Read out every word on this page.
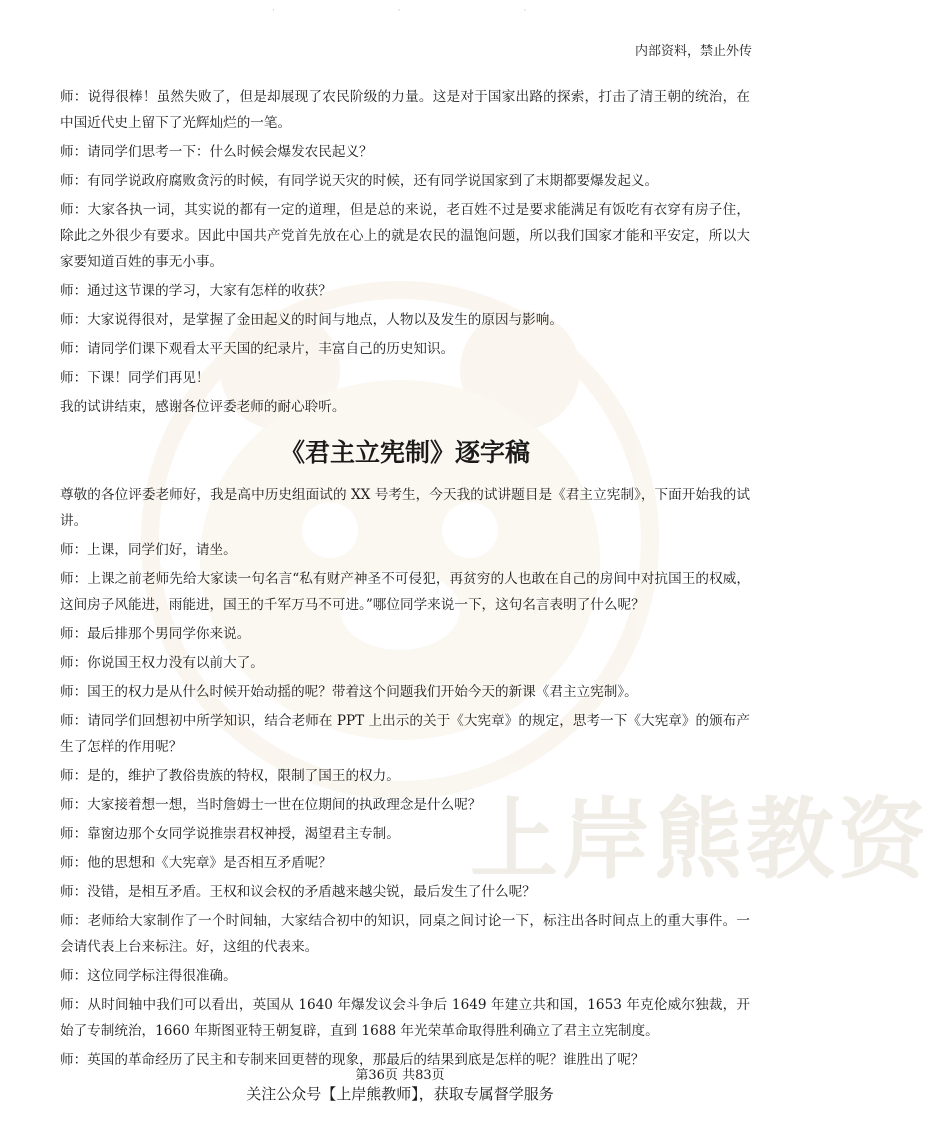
上岸熊教资
· · ·
内部资料，禁止外传

师：说得很棒！虽然失败了，但是却展现了农民阶级的力量。这是对于国家出路的探索，打击了清王朝的统治，在中国近代史上留下了光辉灿烂的一笔。

师：请同学们思考一下：什么时候会爆发农民起义？

师：有同学说政府腐败贪污的时候，有同学说天灾的时候，还有同学说国家到了末期都要爆发起义。

师：大家各执一词，其实说的都有一定的道理，但是总的来说，老百姓不过是要求能满足有饭吃有衣穿有房子住，除此之外很少有要求。因此中国共产党首先放在心上的就是农民的温饱问题，所以我们国家才能和平安定，所以大家要知道百姓的事无小事。

师：通过这节课的学习，大家有怎样的收获？

师：大家说得很对，是掌握了金田起义的时间与地点，人物以及发生的原因与影响。

师：请同学们课下观看太平天国的纪录片，丰富自己的历史知识。

师：下课！同学们再见！

我的试讲结束，感谢各位评委老师的耐心聆听。

《君主立宪制》逐字稿

尊敬的各位评委老师好，我是高中历史组面试的 XX 号考生，今天我的试讲题目是《君主立宪制》，下面开始我的试讲。

师：上课，同学们好，请坐。

师：上课之前老师先给大家读一句名言“私有财产神圣不可侵犯，再贫穷的人也敢在自己的房间中对抗国王的权威，这间房子风能进，雨能进，国王的千军万马不可进。”哪位同学来说一下，这句名言表明了什么呢？

师：最后排那个男同学你来说。

师：你说国王权力没有以前大了。

师：国王的权力是从什么时候开始动摇的呢？带着这个问题我们开始今天的新课《君主立宪制》。

师：请同学们回想初中所学知识，结合老师在 PPT 上出示的关于《大宪章》的规定，思考一下《大宪章》的颁布产生了怎样的作用呢？

师：是的，维护了教俗贵族的特权，限制了国王的权力。

师：大家接着想一想，当时詹姆士一世在位期间的执政理念是什么呢？

师：靠窗边那个女同学说推崇君权神授，渴望君主专制。

师：他的思想和《大宪章》是否相互矛盾呢？

师：没错，是相互矛盾。王权和议会权的矛盾越来越尖锐，最后发生了什么呢？

师：老师给大家制作了一个时间轴，大家结合初中的知识，同桌之间讨论一下，标注出各时间点上的重大事件。一会请代表上台来标注。好，这组的代表来。

师：这位同学标注得很准确。

师：从时间轴中我们可以看出，英国从 1640 年爆发议会斗争后 1649 年建立共和国，1653 年克伦威尔独裁，开始了专制统治，1660 年斯图亚特王朝复辟，直到 1688 年光荣革命取得胜利确立了君主立宪制度。

师：英国的革命经历了民主和专制来回更替的现象，那最后的结果到底是怎样的呢？谁胜出了呢？

第36页 共83页
关注公众号【上岸熊教师】，获取专属督学服务
